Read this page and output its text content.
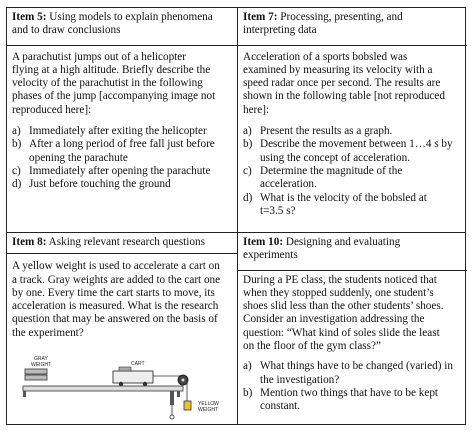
Item 5: Using models to explain phenomena
and to draw conclusions

A parachutist jumps out of a helicopter
flying at a high altitude. Briefly describe the
velocity of the parachutist in the following
phases of the jump [accompanying image not
reproduced here]:

a) Immediately after exiting the helicopter
b) After a long period of free fall just before
opening the parachute
c) Immediately after opening the parachute
d) Just before touching the ground

Item 7: Processing, presenting, and
interpreting data

Acceleration of a sports bobsled was
examined by measuring its velocity with a
speed radar once per second. The results are
shown in the following table [not reproduced
here]:

a) Present the results as a graph.
b) Describe the movement between 1…4 s by
using the concept of acceleration.
c) Determine the magnitude of the
acceleration.
d) What is the velocity of the bobsled at
t=3.5 s?

Item 8: Asking relevant research questions

A yellow weight is used to accelerate a cart on
a track. Gray weights are added to the cart one
by one. Every time the cart starts to move, its
acceleration is measured. What is the research
question that may be answered on the basis of
the experiment?

GRAY
WEIGHT	CART
YELLOW
WEIGHT

Item 10: Designing and evaluating
experiments

During a PE class, the students noticed that
when they stopped suddenly, one student’s
shoes slid less than the other students’ shoes.
Consider an investigation addressing the
question: “What kind of soles slide the least
on the floor of the gym class?”

a) What things have to be changed (varied) in
the investigation?
b) Mention two things that have to be kept
constant.
